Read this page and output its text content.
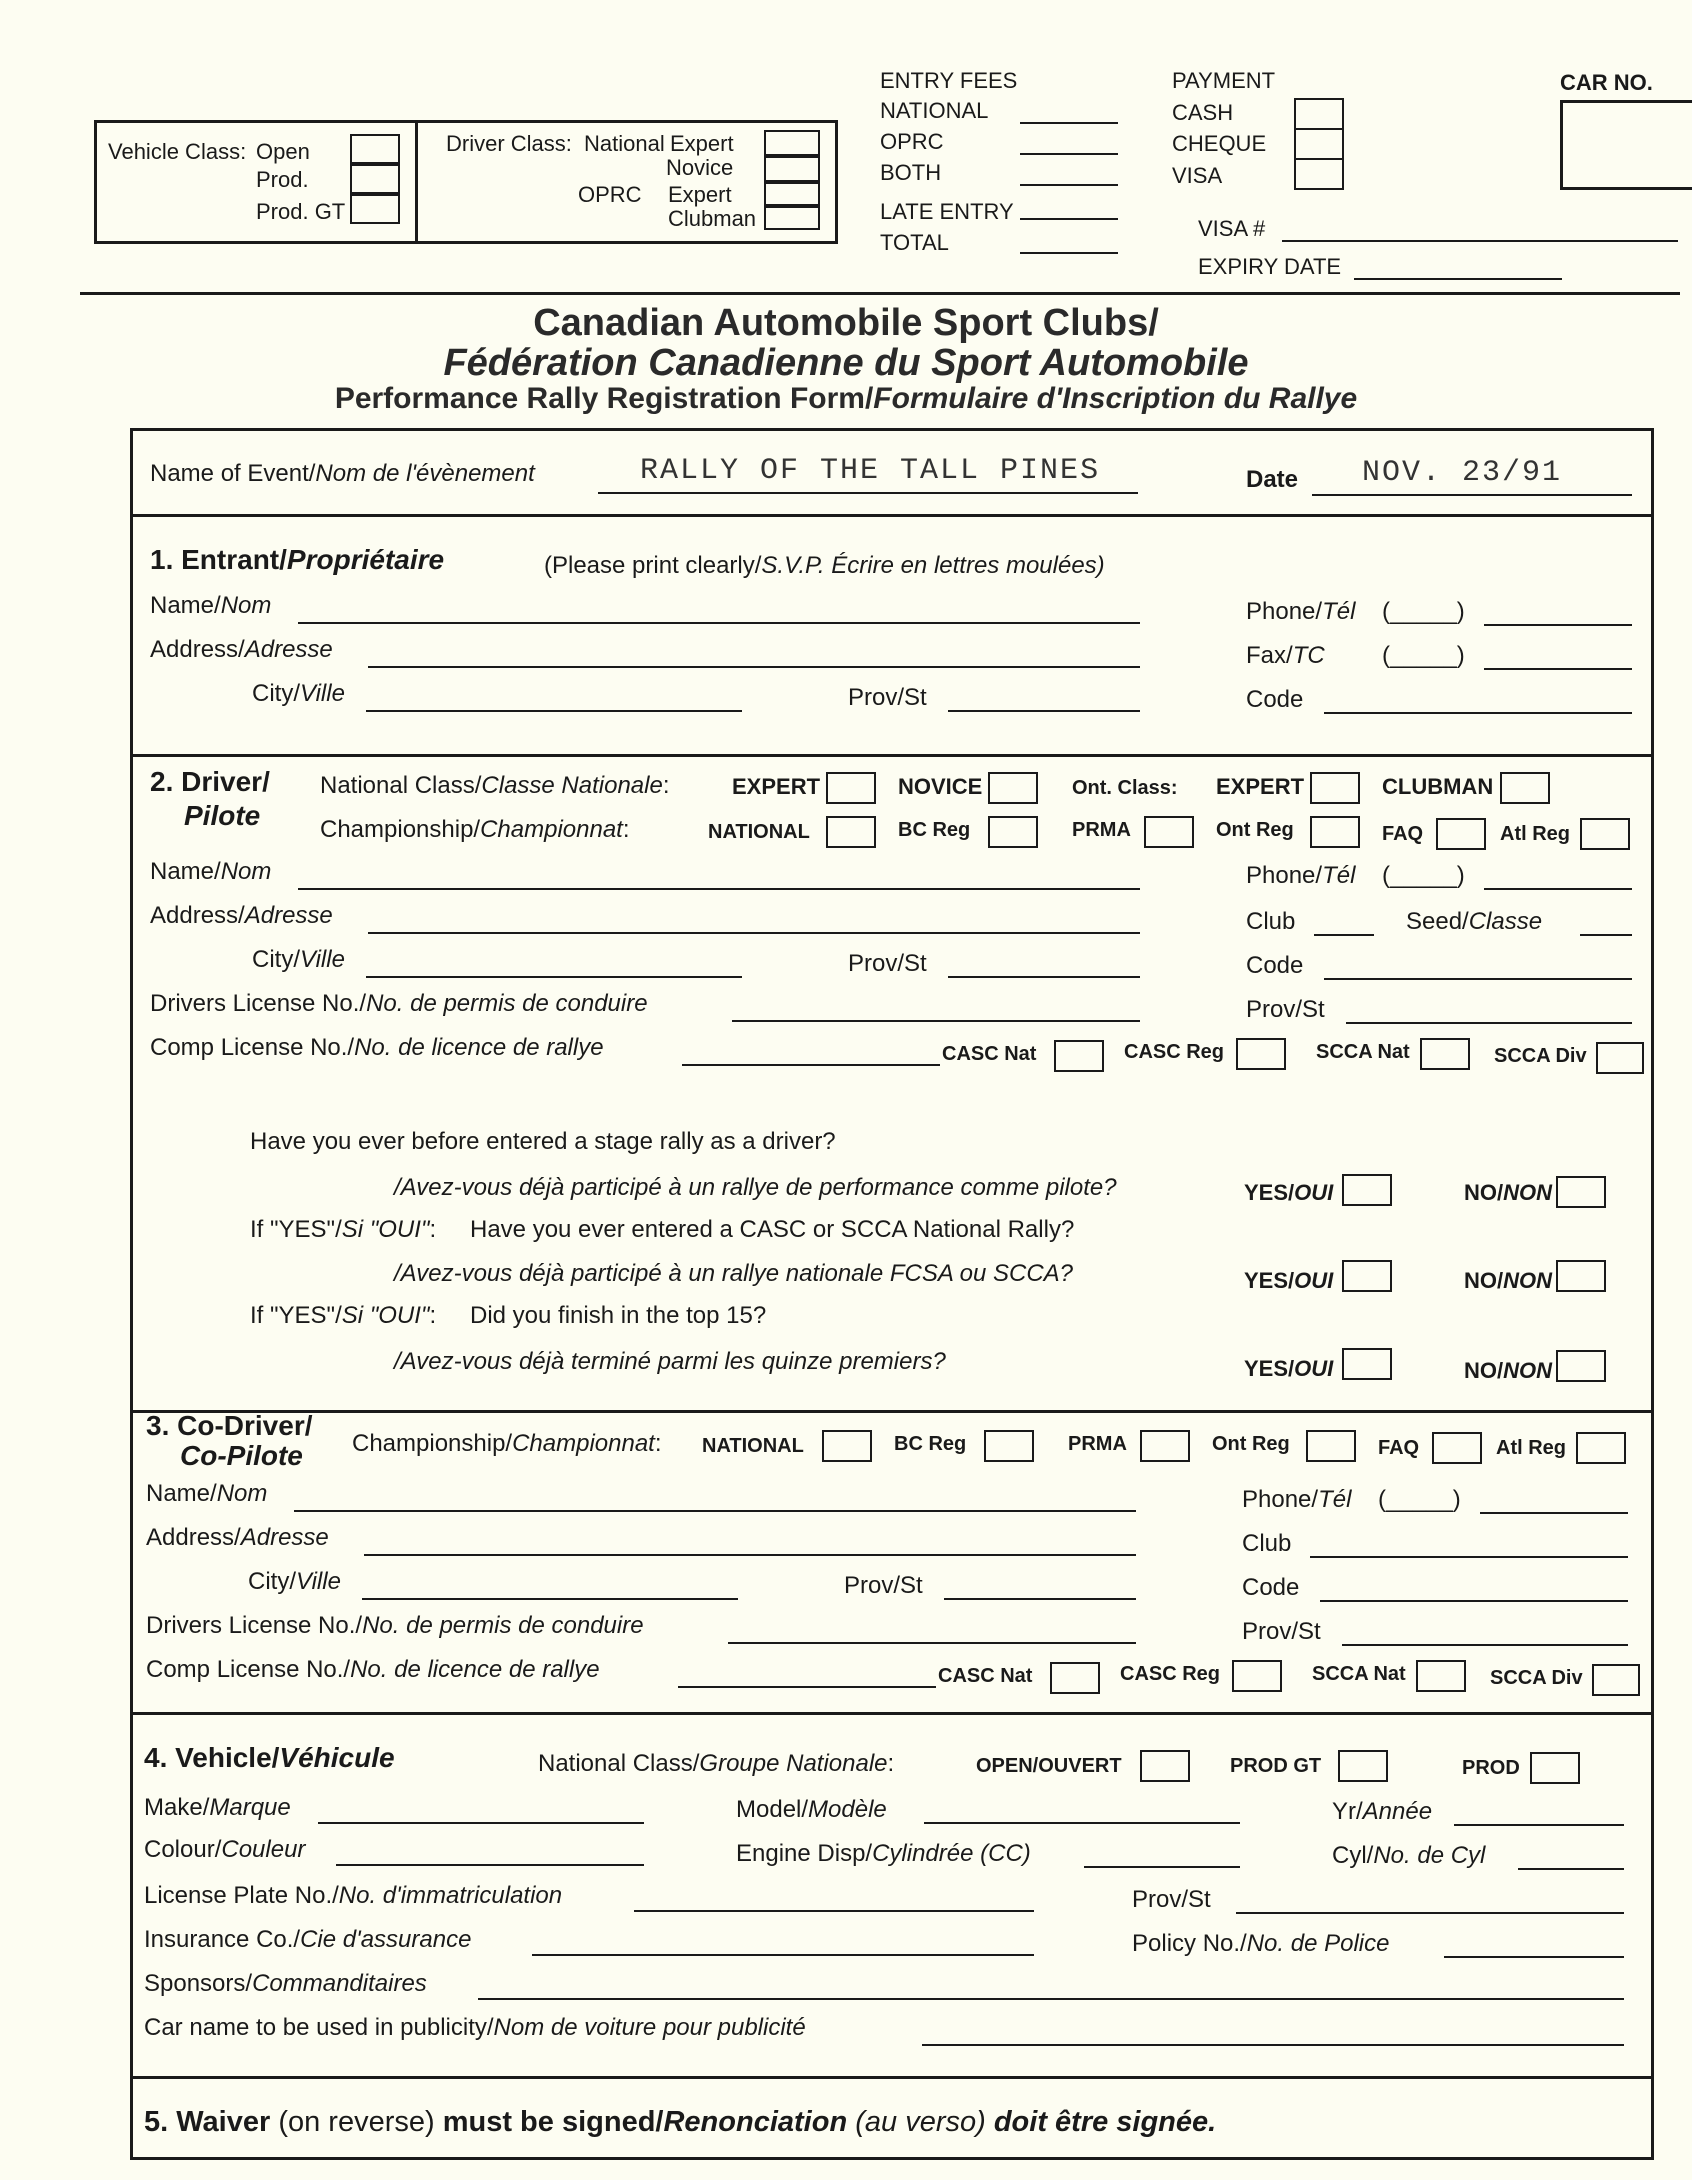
Vehicle Class: Open
Prod.
Prod. GT
Driver Class: National Expert
Novice
OPRC Expert
Clubman
ENTRY FEES
NATIONAL
OPRC
BOTH
LATE ENTRY
TOTAL
PAYMENT
CASH
CHEQUE
VISA
VISA #
EXPIRY DATE
CAR NO.
Canadian Automobile Sport Clubs/
Fédération Canadienne du Sport Automobile
Performance Rally Registration Form/Formulaire d'Inscription du Rallye
Name of Event/Nom de l'évènement	RALLY OF THE TALL PINES	Date NOV. 23/91
1. Entrant/Propriétaire	(Please print clearly/S.V.P. Écrire en lettres moulées)
Name/Nom
Address/Adresse
City/Ville	Prov/St
Phone/Tél (_____)
Fax/TC (_____)
Code
2. Driver/
Pilote
National Class/Classe Nationale:	EXPERT	NOVICE	Ont. Class: EXPERT	CLUBMAN
Championship/Championnat:	NATIONAL	BC Reg	PRMA	Ont Reg	FAQ	Atl Reg
Name/Nom
Address/Adresse
City/Ville	Prov/St
Drivers License No./No. de permis de conduire
Comp License No./No. de licence de rallye	CASC Nat	CASC Reg	SCCA Nat	SCCA Div
Phone/Tél (_____)
Club	Seed/Classe
Code
Prov/St
Have you ever before entered a stage rally as a driver?
/Avez-vous déjà participé à un rallye de performance comme pilote?	YES/OUI	NO/NON
If "YES"/Si "OUI": Have you ever entered a CASC or SCCA National Rally?
/Avez-vous déjà participé à un rallye nationale FCSA ou SCCA?	YES/OUI	NO/NON
If "YES"/Si "OUI": Did you finish in the top 15?
/Avez-vous déjà terminé parmi les quinze premiers?	YES/OUI	NO/NON
3. Co-Driver/
Co-Pilote Championship/Championnat: NATIONAL	BC Reg	PRMA	Ont Reg	FAQ	Atl Reg
Name/Nom
Address/Adresse
City/Ville	Prov/St
Drivers License No./No. de permis de conduire
Comp License No./No. de licence de rallye	CASC Nat	CASC Reg	SCCA Nat	SCCA Div
Phone/Tél (_____)
Club
Code
Prov/St
4. Vehicle/Véhicule	National Class/Groupe Nationale:	OPEN/OUVERT	PROD GT	PROD
Make/Marque	Model/Modèle	Yr/Année
Colour/Couleur	Engine Disp/Cylindrée (CC)	Cyl/No. de Cyl
License Plate No./No. d'immatriculation	Prov/St
Insurance Co./Cie d'assurance	Policy No./No. de Police
Sponsors/Commanditaires
Car name to be used in publicity/Nom de voiture pour publicité
5. Waiver (on reverse) must be signed/Renonciation (au verso) doit être signée.
